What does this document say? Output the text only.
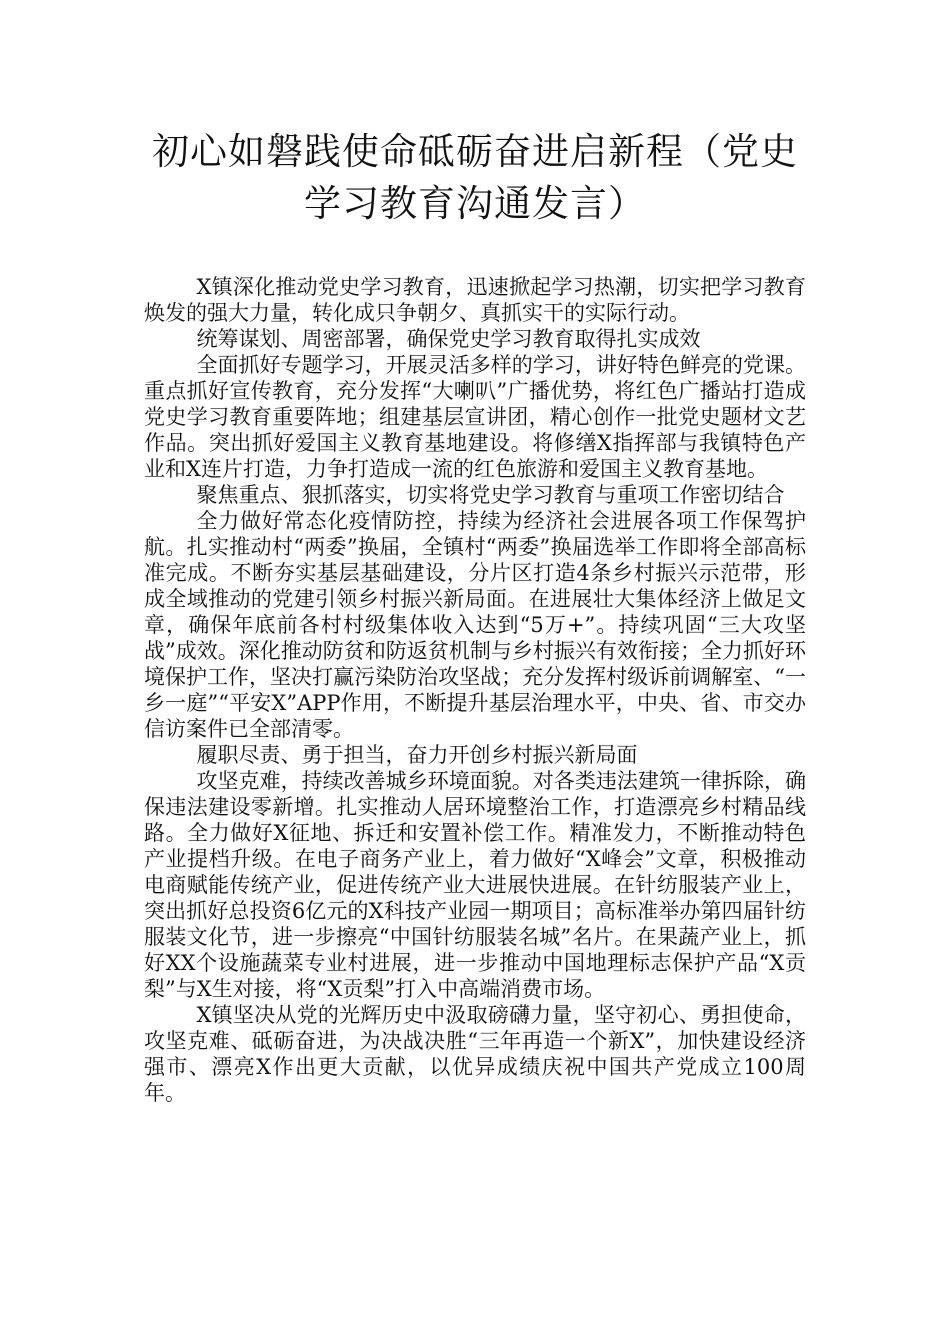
初心如磐践使命砥砺奋进启新程（党史学习教育沟通发言）

X镇深化推动党史学习教育，迅速掀起学习热潮，切实把学习教育焕发的强大力量，转化成只争朝夕、真抓实干的实际行动。

统筹谋划、周密部署，确保党史学习教育取得扎实成效

全面抓好专题学习，开展灵活多样的学习，讲好特色鲜亮的党课。重点抓好宣传教育，充分发挥“大喇叭”广播优势，将红色广播站打造成党史学习教育重要阵地；组建基层宣讲团，精心创作一批党史题材文艺作品。突出抓好爱国主义教育基地建设。将修缮X指挥部与我镇特色产业和X连片打造，力争打造成一流的红色旅游和爱国主义教育基地。

聚焦重点、狠抓落实，切实将党史学习教育与重项工作密切结合

全力做好常态化疫情防控，持续为经济社会进展各项工作保驾护航。扎实推动村“两委”换届，全镇村“两委”换届选举工作即将全部高标准完成。不断夯实基层基础建设，分片区打造4条乡村振兴示范带，形成全域推动的党建引领乡村振兴新局面。在进展壮大集体经济上做足文章，确保年底前各村村级集体收入达到“5万+”。持续巩固“三大攻坚战”成效。深化推动防贫和防返贫机制与乡村振兴有效衔接；全力抓好环境保护工作，坚决打赢污染防治攻坚战；充分发挥村级诉前调解室、“一乡一庭”“平安X”APP作用，不断提升基层治理水平，中央、省、市交办信访案件已全部清零。

履职尽责、勇于担当，奋力开创乡村振兴新局面

攻坚克难，持续改善城乡环境面貌。对各类违法建筑一律拆除，确保违法建设零新增。扎实推动人居环境整治工作，打造漂亮乡村精品线路。全力做好X征地、拆迁和安置补偿工作。精准发力，不断推动特色产业提档升级。在电子商务产业上，着力做好“X峰会”文章，积极推动电商赋能传统产业，促进传统产业大进展快进展。在针纺服装产业上，突出抓好总投资6亿元的X科技产业园一期项目；高标准举办第四届针纺服装文化节，进一步擦亮“中国针纺服装名城”名片。在果蔬产业上，抓好XX个设施蔬菜专业村进展，进一步推动中国地理标志保护产品“X贡梨”与X生对接，将“X贡梨”打入中高端消费市场。

X镇坚决从党的光辉历史中汲取磅礴力量，坚守初心、勇担使命，攻坚克难、砥砺奋进，为决战决胜“三年再造一个新X”，加快建设经济强市、漂亮X作出更大贡献，以优异成绩庆祝中国共产党成立100周年。
